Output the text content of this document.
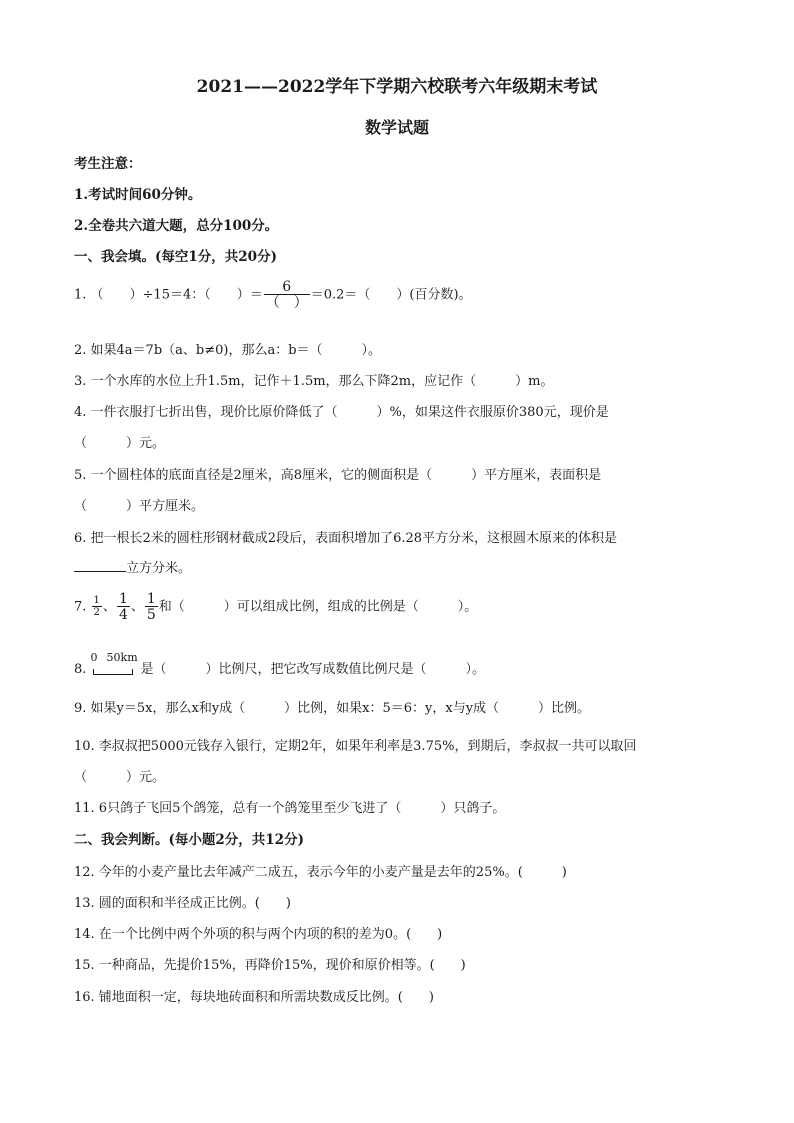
2021——2022学年下学期六校联考六年级期末考试
数学试题
考生注意：
1.考试时间60分钟。
2.全卷共六道大题，总分100分。
一、我会填。(每空1分，共20分)
1. （　　）÷15＝4：（　　）＝ $\frac{6}{( )} =0.2=$（　　）(百分数)。
2. 如果4a＝7b（a、b≠0)，那么a：b＝（　　　）。
3. 一个水库的水位上升1.5m，记作＋1.5m，那么下降2m，应记作（　　　）m。
4. 一件衣服打七折出售，现价比原价降低了（　　　）%，如果这件衣服原价380元，现价是
（　　　）元。
5. 一个圆柱体的底面直径是2厘米，高8厘米，它的侧面积是（　　　）平方厘米，表面积是
（　　　）平方厘米。
6. 把一根长2米的圆柱形钢材截成2段后，表面积增加了6.28平方分米，这根圆木原来的体积是
立方分米。
7. $\frac{1}{2}$ 、 $\frac{1}{4}$ 、 $\frac{1}{5}$ 和（　　　）可以组成比例，组成的比例是（　　　）。
8.
0 50km
是（　　　）比例尺，把它改写成数值比例尺是（　　　）。
9. 如果y＝5x，那么x和y成（　　　）比例，如果x：5＝6：y，x与y成（　　　）比例。
10. 李叔叔把5000元钱存入银行，定期2年，如果年利率是3.75%，到期后，李叔叔一共可以取回
（　　　）元。
11. 6只鸽子飞回5个鸽笼，总有一个鸽笼里至少飞进了（　　　）只鸽子。
二、我会判断。(每小题2分，共12分)
12. 今年的小麦产量比去年减产二成五，表示今年的小麦产量是去年的25%。(　　　)
13. 圆的面积和半径成正比例。(　　)
14. 在一个比例中两个外项的积与两个内项的积的差为0。(　　)
15. 一种商品，先提价15%，再降价15%，现价和原价相等。(　　)
16. 铺地面积一定，每块地砖面积和所需块数成反比例。(　　)
